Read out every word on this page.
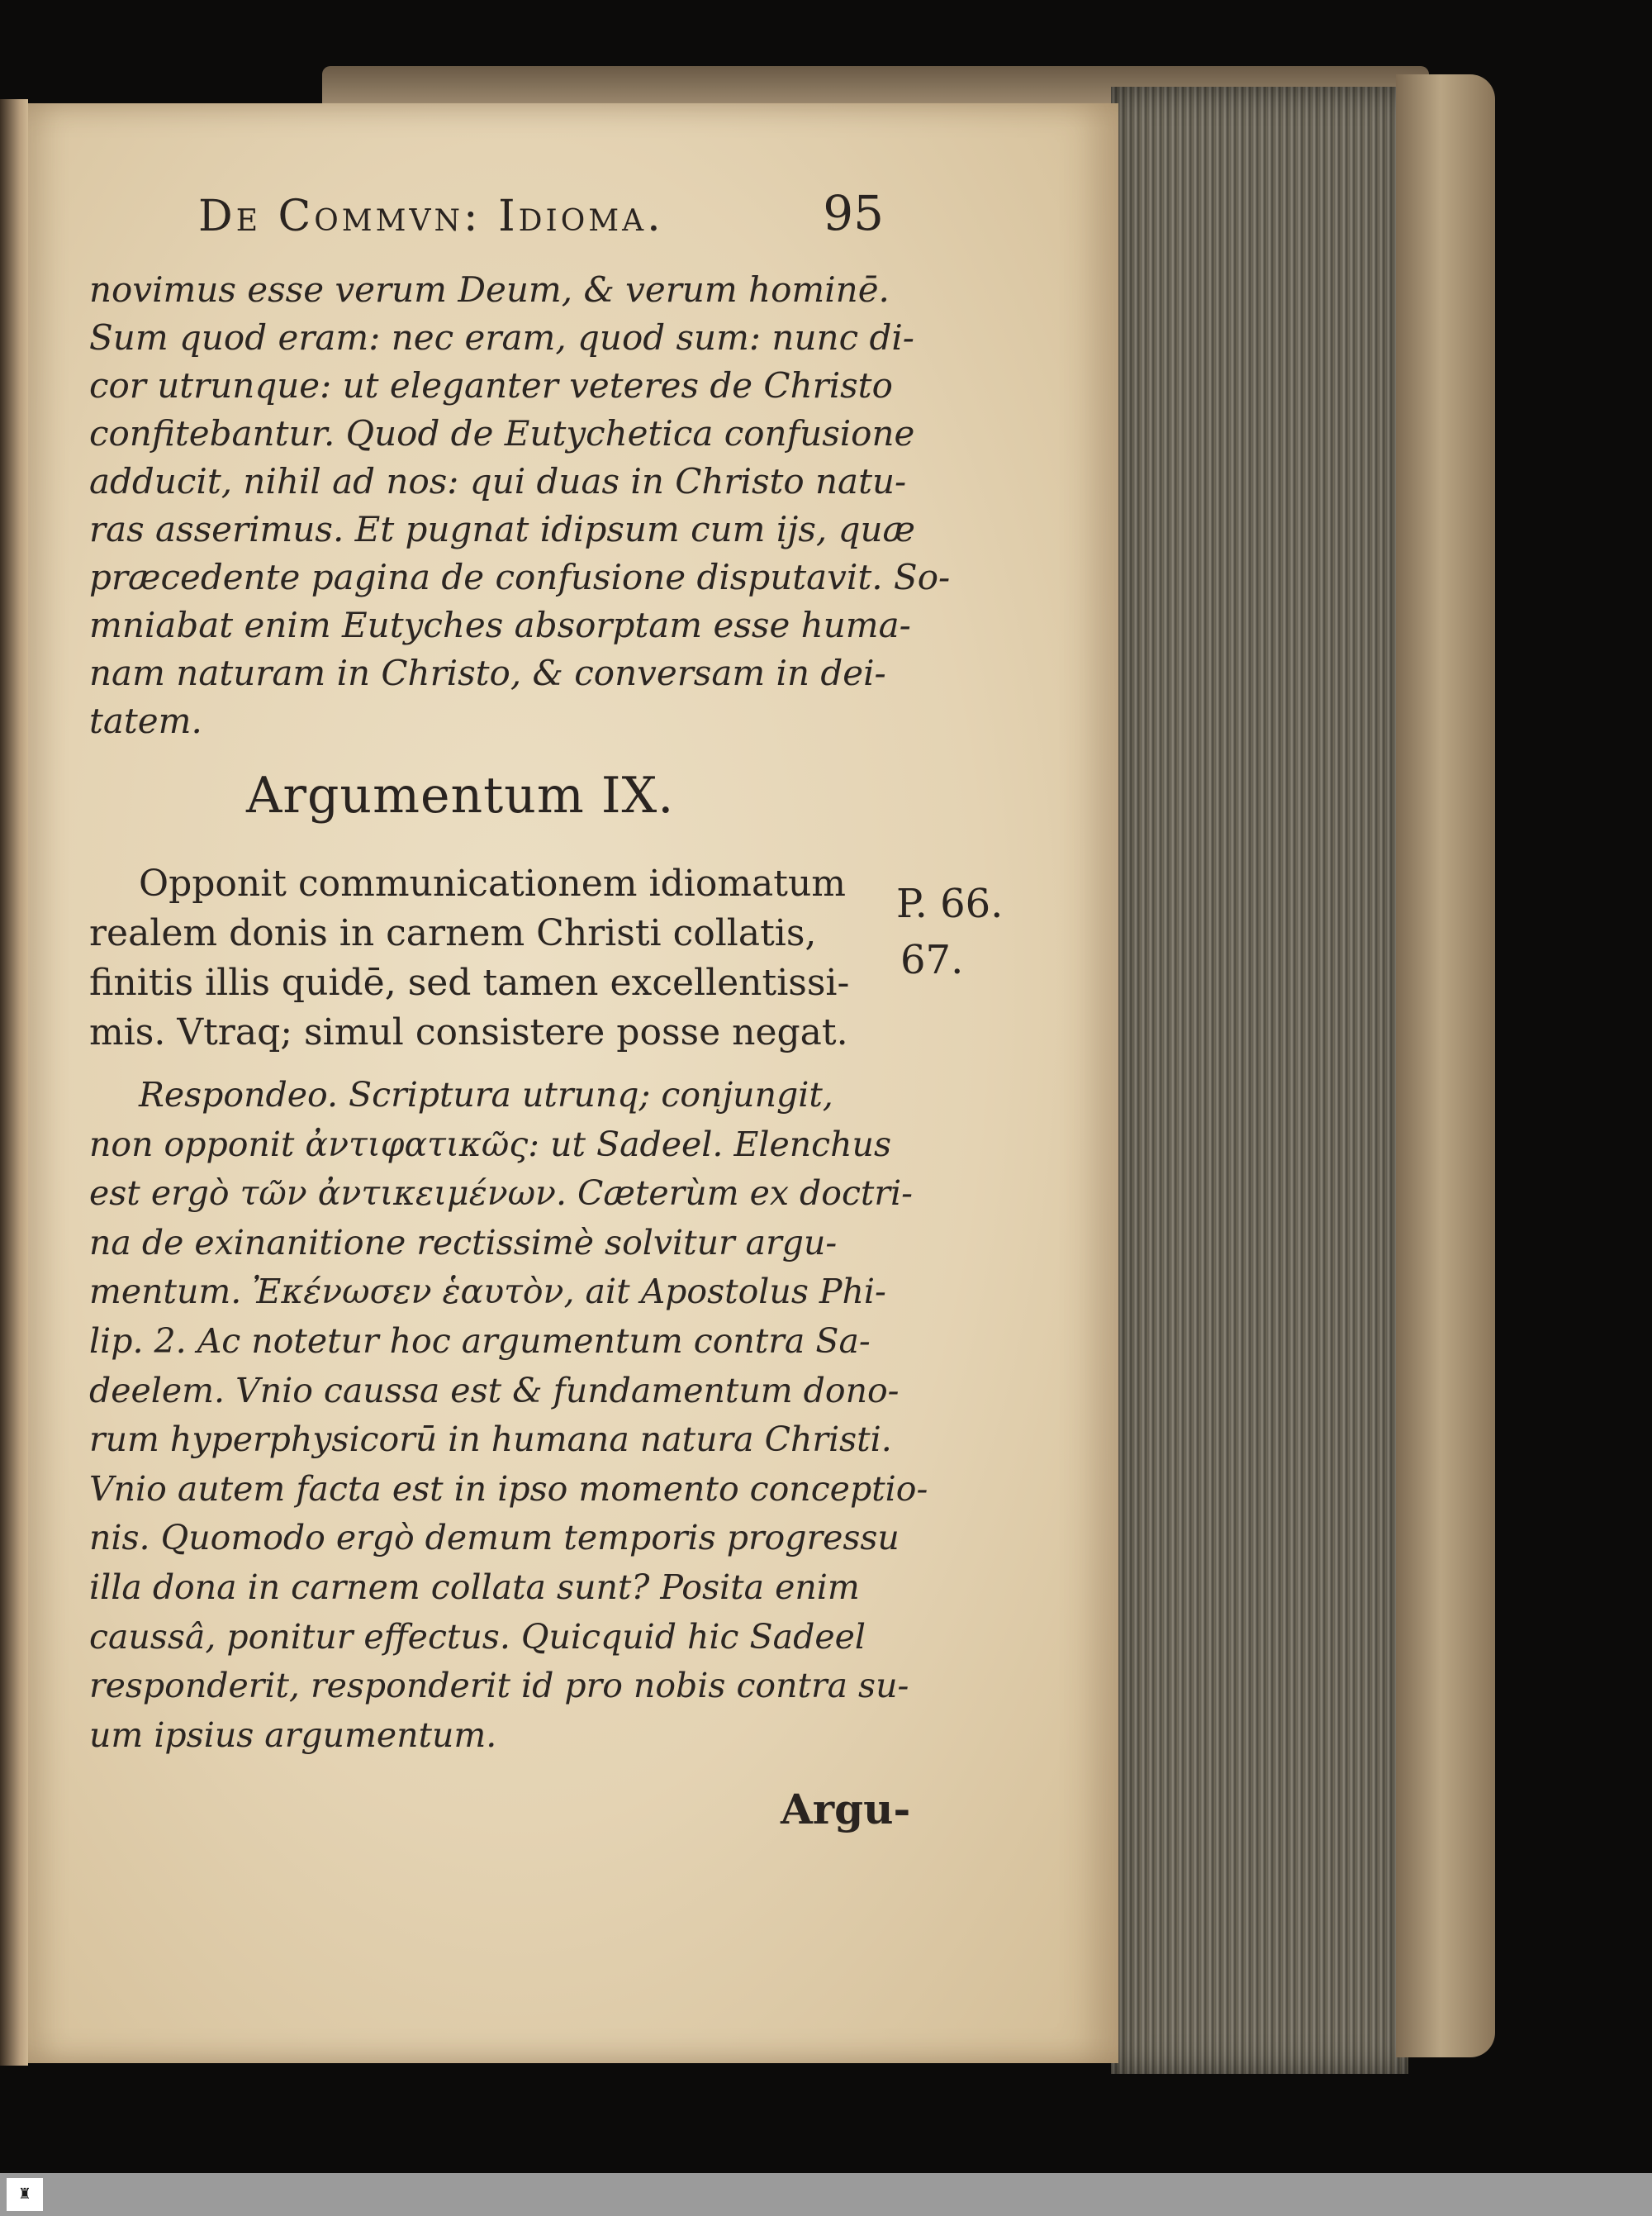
De Commvn: Idioma.	95
novimus esse verum Deum, & verum hominē.
Sum quod eram: nec eram, quod sum: nunc di-
cor utrunque: ut eleganter veteres de Christo
confitebantur. Quod de Eutychetica confusione
adducit, nihil ad nos: qui duas in Christo natu-
ras asserimus. Et pugnat idipsum cum ijs, quæ
præcedente pagina de confusione disputavit. So-
mniabat enim Eutyches absorptam esse huma-
nam naturam in Christo, & conversam in dei-
tatem.
Argumentum IX.
Opponit communicationem idiomatum
realem donis in carnem Christi collatis,
finitis illis quidē, sed tamen excellentissi-
mis. Vtraq; simul consistere posse negat.
P. 66.
67.
Respondeo. Scriptura utrunq; conjungit,
non opponit ἀντιφατικῶς: ut Sadeel. Elenchus
est ergò τῶν ἀντικειμένων. Cæterùm ex doctri-
na de exinanitione rectissimè solvitur argu-
mentum. Ἐκένωσεν ἑαυτὸν, ait Apostolus Phi-
lip. 2. Ac notetur hoc argumentum contra Sa-
deelem. Vnio caussa est & fundamentum dono-
rum hyperphysicorū in humana natura Christi.
Vnio autem facta est in ipso momento conceptio-
nis. Quomodo ergò demum temporis progressu
illa dona in carnem collata sunt? Posita enim
caussâ, ponitur effectus. Quicquid hic Sadeel
responderit, responderit id pro nobis contra su-
um ipsius argumentum.
Argu-
♜
